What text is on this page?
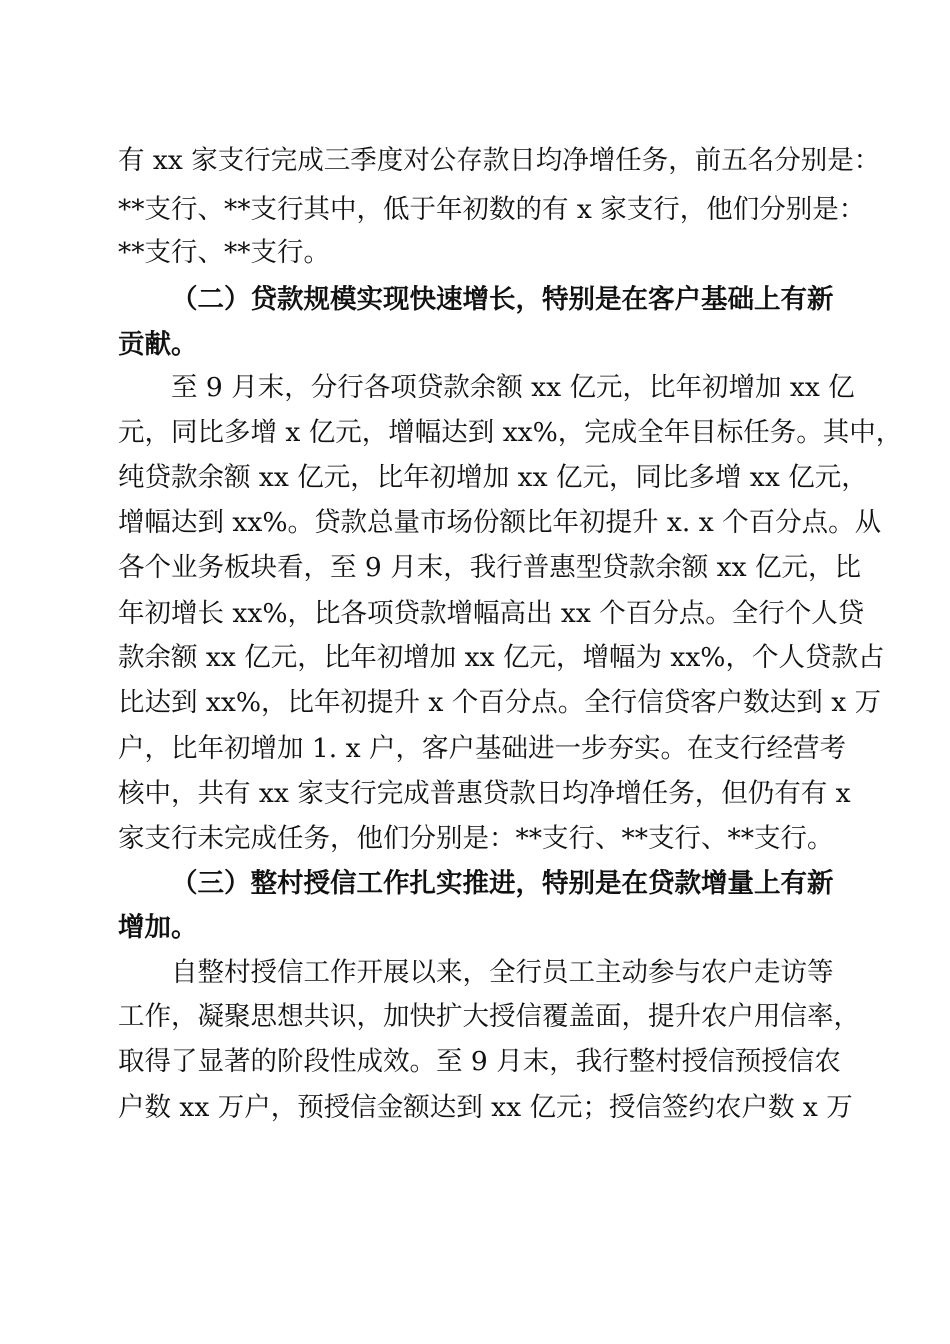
有 xx 家支行完成三季度对公存款日均净增任务，前五名分别是：
**支行、**支行其中，低于年初数的有 x 家支行，他们分别是：
**支行、**支行。
（二）贷款规模实现快速增长，特别是在客户基础上有新
贡献。
至 9 月末，分行各项贷款余额 xx 亿元，比年初增加 xx 亿
元，同比多增 x 亿元，增幅达到 xx%，完成全年目标任务。其中，
纯贷款余额 xx 亿元，比年初增加 xx 亿元，同比多增 xx 亿元，
增幅达到 xx%。贷款总量市场份额比年初提升 x. x 个百分点。从
各个业务板块看，至 9 月末，我行普惠型贷款余额 xx 亿元，比
年初增长 xx%，比各项贷款增幅高出 xx 个百分点。全行个人贷
款余额 xx 亿元，比年初增加 xx 亿元，增幅为 xx%，个人贷款占
比达到 xx%，比年初提升 x 个百分点。全行信贷客户数达到 x 万
户，比年初增加 1. x 户，客户基础进一步夯实。在支行经营考
核中，共有 xx 家支行完成普惠贷款日均净增任务，但仍有有 x
家支行未完成任务，他们分别是：**支行、**支行、**支行。
（三）整村授信工作扎实推进，特别是在贷款增量上有新
增加。
自整村授信工作开展以来，全行员工主动参与农户走访等
工作，凝聚思想共识，加快扩大授信覆盖面，提升农户用信率，
取得了显著的阶段性成效。至 9 月末，我行整村授信预授信农
户数 xx 万户，预授信金额达到 xx 亿元；授信签约农户数 x 万
